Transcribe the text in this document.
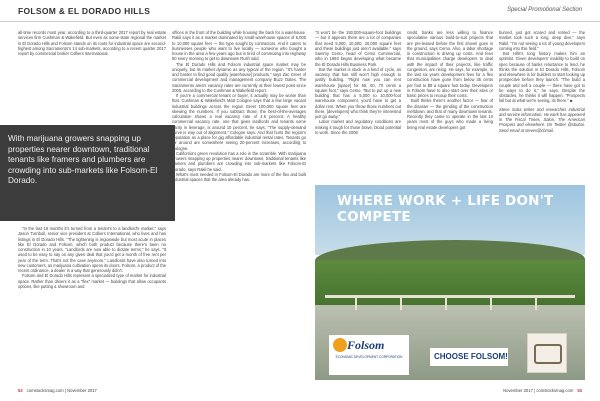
FOLSOM & EL DORADO HILLS	Special Promotional Section

all-time records most year, according to a third-quarter 2017 report by real estate services firm Cushman & Wakefield. But even as some state regional the market in El Dorado Hills and Folsom stands on its roots for industrial space are second-highest among Sacramento's 14 sub-markets, according to a recent quarter 2017 report by commercial broker Colliers International.

With marijuana growers snapping up properties nearer downtown, traditional tenants like framers and plumbers are crowding into sub-markets like Folsom-El Dorado.

"In the last 18 months it's turned from a tenant's to a landlord's market," says Jason Turnbull, senior vice president at Colliers International, who lives and has listings in El Dorado Hills. "The tightening is regionwide but most acute in places like El Dorado and Folsom, which both product because there's been no construction in 10 years. "Landlords are now able to dictate terms," he says. "It used to be easy to say on any given deal that you'd get a month of free rent per year of the term. That's not the case anymore." Landlords have also turned into new customers, as marijuana cultivation opens its doors. Folsom, a product of the recent ordinance, a dealer in a way that generously didn't.

Folsom and El Dorado Hills represent a specialized type of market for industrial space. Rather than drivers it as a "flex" market — buildings that allow occupants options, like putting a showroom and

offices in the front of the building while housing the back for a warehouse. Rakil says it as a market dominated by small warehouse spaces of 5,000 to 10,000 square feet — the type sought by contractors. And it caters to businesses people who want to live locally — someone who bought a house in the area a few years ago but is tired of commuting into Highway 50 every morning to get to downtown Rush said.

The El Dorado Hills and Folsom industrial space market may be uniquely, but its market dynamic as any typical of the region. "It's harder and harder to find good quality [warehouse] products," says Zac Greer of commercial development and management company Buzz Oates. The Sacramento area's vacancy rates are currently at their lowest point since 2005, according to the Cushman & Wakefield report.

If you're a commercial tenant or buyer, it actually may be worse than that. Cushman & Wakefield's Matt Cologne says that a few large vacant industrial buildings across the region Greer 100,000 square feet are skewing the numbers. If you subtract those, the best-of-the-averages calculation shows a real vacancy rate of 4.6 percent. A healthy commercial vacancy rate, one that gives landlords and tenants some parity in leverage, is around 10 percent, he says. "The supply-demand curve is way out of alignment," Cologne says. And that hurts the region's reputation as a place for gig affordable industrial rental rates. Tenants go for around are somewhere seeing 20-percent increases, according to Cologne.

California's green revolution has a role in the scramble. With marijuana growers snapping up properties nearer downtown, traditional tenants like framers and plumbers are crowding into sub-markets like Folsom-El Dorado, says Rakil he said.

What's most needed in Folsom-El Dorado are more of the flex and built industrial spaces that the area already has.

"It won't be the 150,000-square-foot buildings — but it appears there are a lot of companies that need 5,000, 10,000, 20,000 square feet and these buildings just aren't available," says Sammy Cemo, head of Cemo Commercial, who in 1993 began developing what became the El Dorado Hills Business Park.

But the market is stuck in a kind of cycle, as vacancy that has still won't high enough to justify building. "Right now you can rent warehouse [space] for 65, 60, 70 cents a square foot," says Cemo. "But to put up a new building that has a 5,000 to 10,000-foot warehouse component, you'd have to get a dollar rent. When you throw those numbers out there, [developers] who think they're interested just go away."

Labor market and regulatory conditions are making it tough for those brave, blood potential to work. Since the 2008

credit, banks are less willing to finance speculative various build-to-suit projects that are pre-leased before the first shovel goes in the ground, says Cemo. Also, a labor shortage in construction is driving up costs. And fees that municipalities charge developers to deal with the impact of their projects, like traffic congestion, are rising. He says, for example, in the last six years development fees for a flex construction have gone from below 35 cents per foot to $9 a square foot today. Developers in Folsom have to also start over their sites or basic prices to recoup their costs.

Built thinks there's another factor — fear of the disaster — the grinding of the construction meltdown, and that of many downtown tenants. Recently they came to operate in the last 10 years most of the guys who made a living being real estate developers got

burned, just got scared and retired — the market took such a long, deep dive," says Rakil. "I'm not seeing a lot of young developers coming into this field."

But Hills's tong history makes him an optimist. Given developers' inability to build on spec because of banks reluctance to lend, he thinks the solution in El Dorado Hills, Folsom and elsewhere is for builders to start looking up prospective before they launch. "The build a couple and sell a couple — there have got to be ways to do it," he says. Despite the obstacles, he thinks it will happen. "Prospects fail but at what we're seeing, its there." ■

Steve Suba writes and researches industrial and service information. He work has appeared in The Fiscal Times, Salon, The American Prospect and elsewhere. On Twitter @sbubai. Send email at steves@cbmail.

WHERE WORK + LIFE DON'T COMPETE
Folsom
ECONOMIC DEVELOPMENT CORPORATION	CHOOSE FOLSOM!
52 comstocksmag.com | November 2017	November 2017 | comstocksmag.com 53
